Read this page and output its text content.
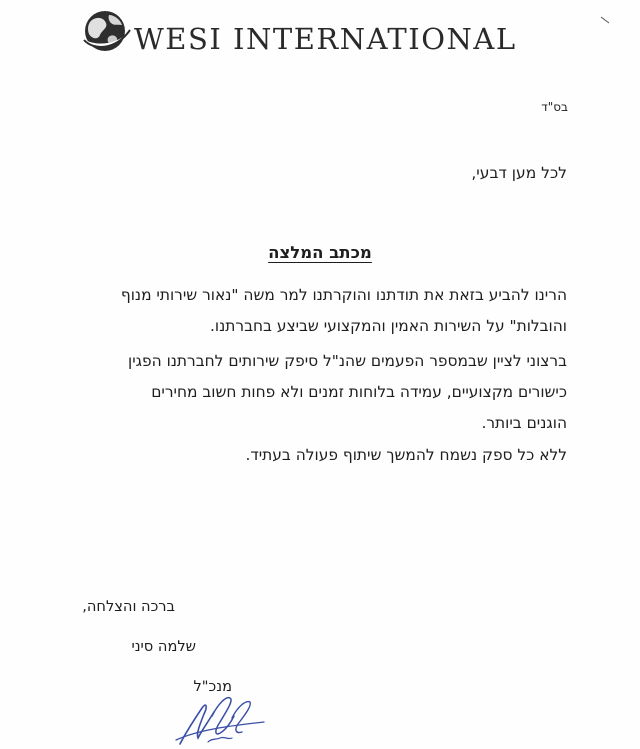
WESI INTERNATIONAL
בס"ד
לכל מען דבעי,
מכתב המלצה
הרינו להביע בזאת את תודתנו והוקרתנו למר משה "נאור שירותי מנוף והובלות" על השירות האמין והמקצועי שביצע בחברתנו.
ברצוני לציין שבמספר הפעמים שהנ"ל סיפק שירותים לחברתנו הפגין כישורים מקצועיים, עמידה בלוחות זמנים ולא פחות חשוב מחירים הוגנים ביותר.
ללא כל ספק נשמח להמשך שיתוף פעולה בעתיד.
ברכה והצלחה,
שלמה סיני
מנכ"ל
